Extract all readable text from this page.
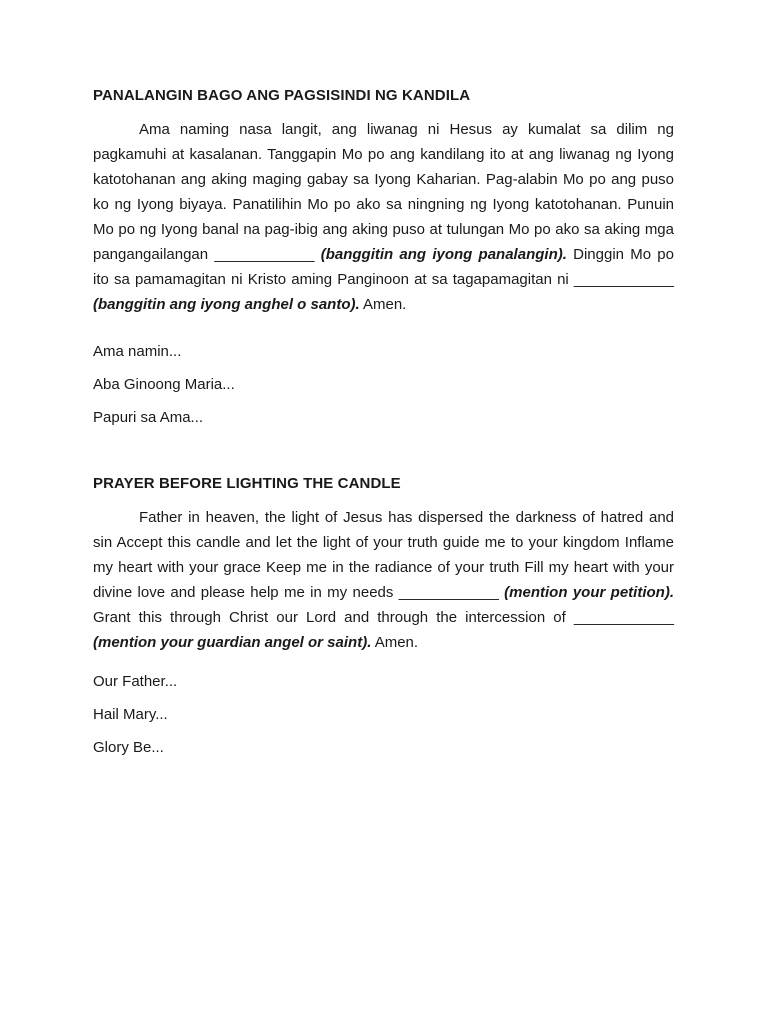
PANALANGIN BAGO ANG PAGSISINDI NG KANDILA

Ama naming nasa langit, ang liwanag ni Hesus ay kumalat sa dilim ng pagkamuhi at kasalanan. Tanggapin Mo po ang kandilang ito at ang liwanag ng Iyong katotohanan ang aking maging gabay sa Iyong Kaharian. Pag-alabin Mo po ang puso ko ng Iyong biyaya. Panatilihin Mo po ako sa ningning ng Iyong katotohanan. Punuin Mo po ng Iyong banal na pag-ibig ang aking puso at tulungan Mo po ako sa aking mga pangangailangan ____________ (banggitin ang iyong panalangin). Dinggin Mo po ito sa pamamagitan ni Kristo aming Panginoon at sa tagapamagitan ni ____________ (banggitin ang iyong anghel o santo). Amen.

Ama namin...
Aba Ginoong Maria...
Papuri sa Ama...
PRAYER BEFORE LIGHTING THE CANDLE

Father in heaven, the light of Jesus has dispersed the darkness of hatred and sin Accept this candle and let the light of your truth guide me to your kingdom Inflame my heart with your grace Keep me in the radiance of your truth Fill my heart with your divine love and please help me in my needs ____________ (mention your petition). Grant this through Christ our Lord and through the intercession of ____________ (mention your guardian angel or saint). Amen.

Our Father...
Hail Mary...
Glory Be...
